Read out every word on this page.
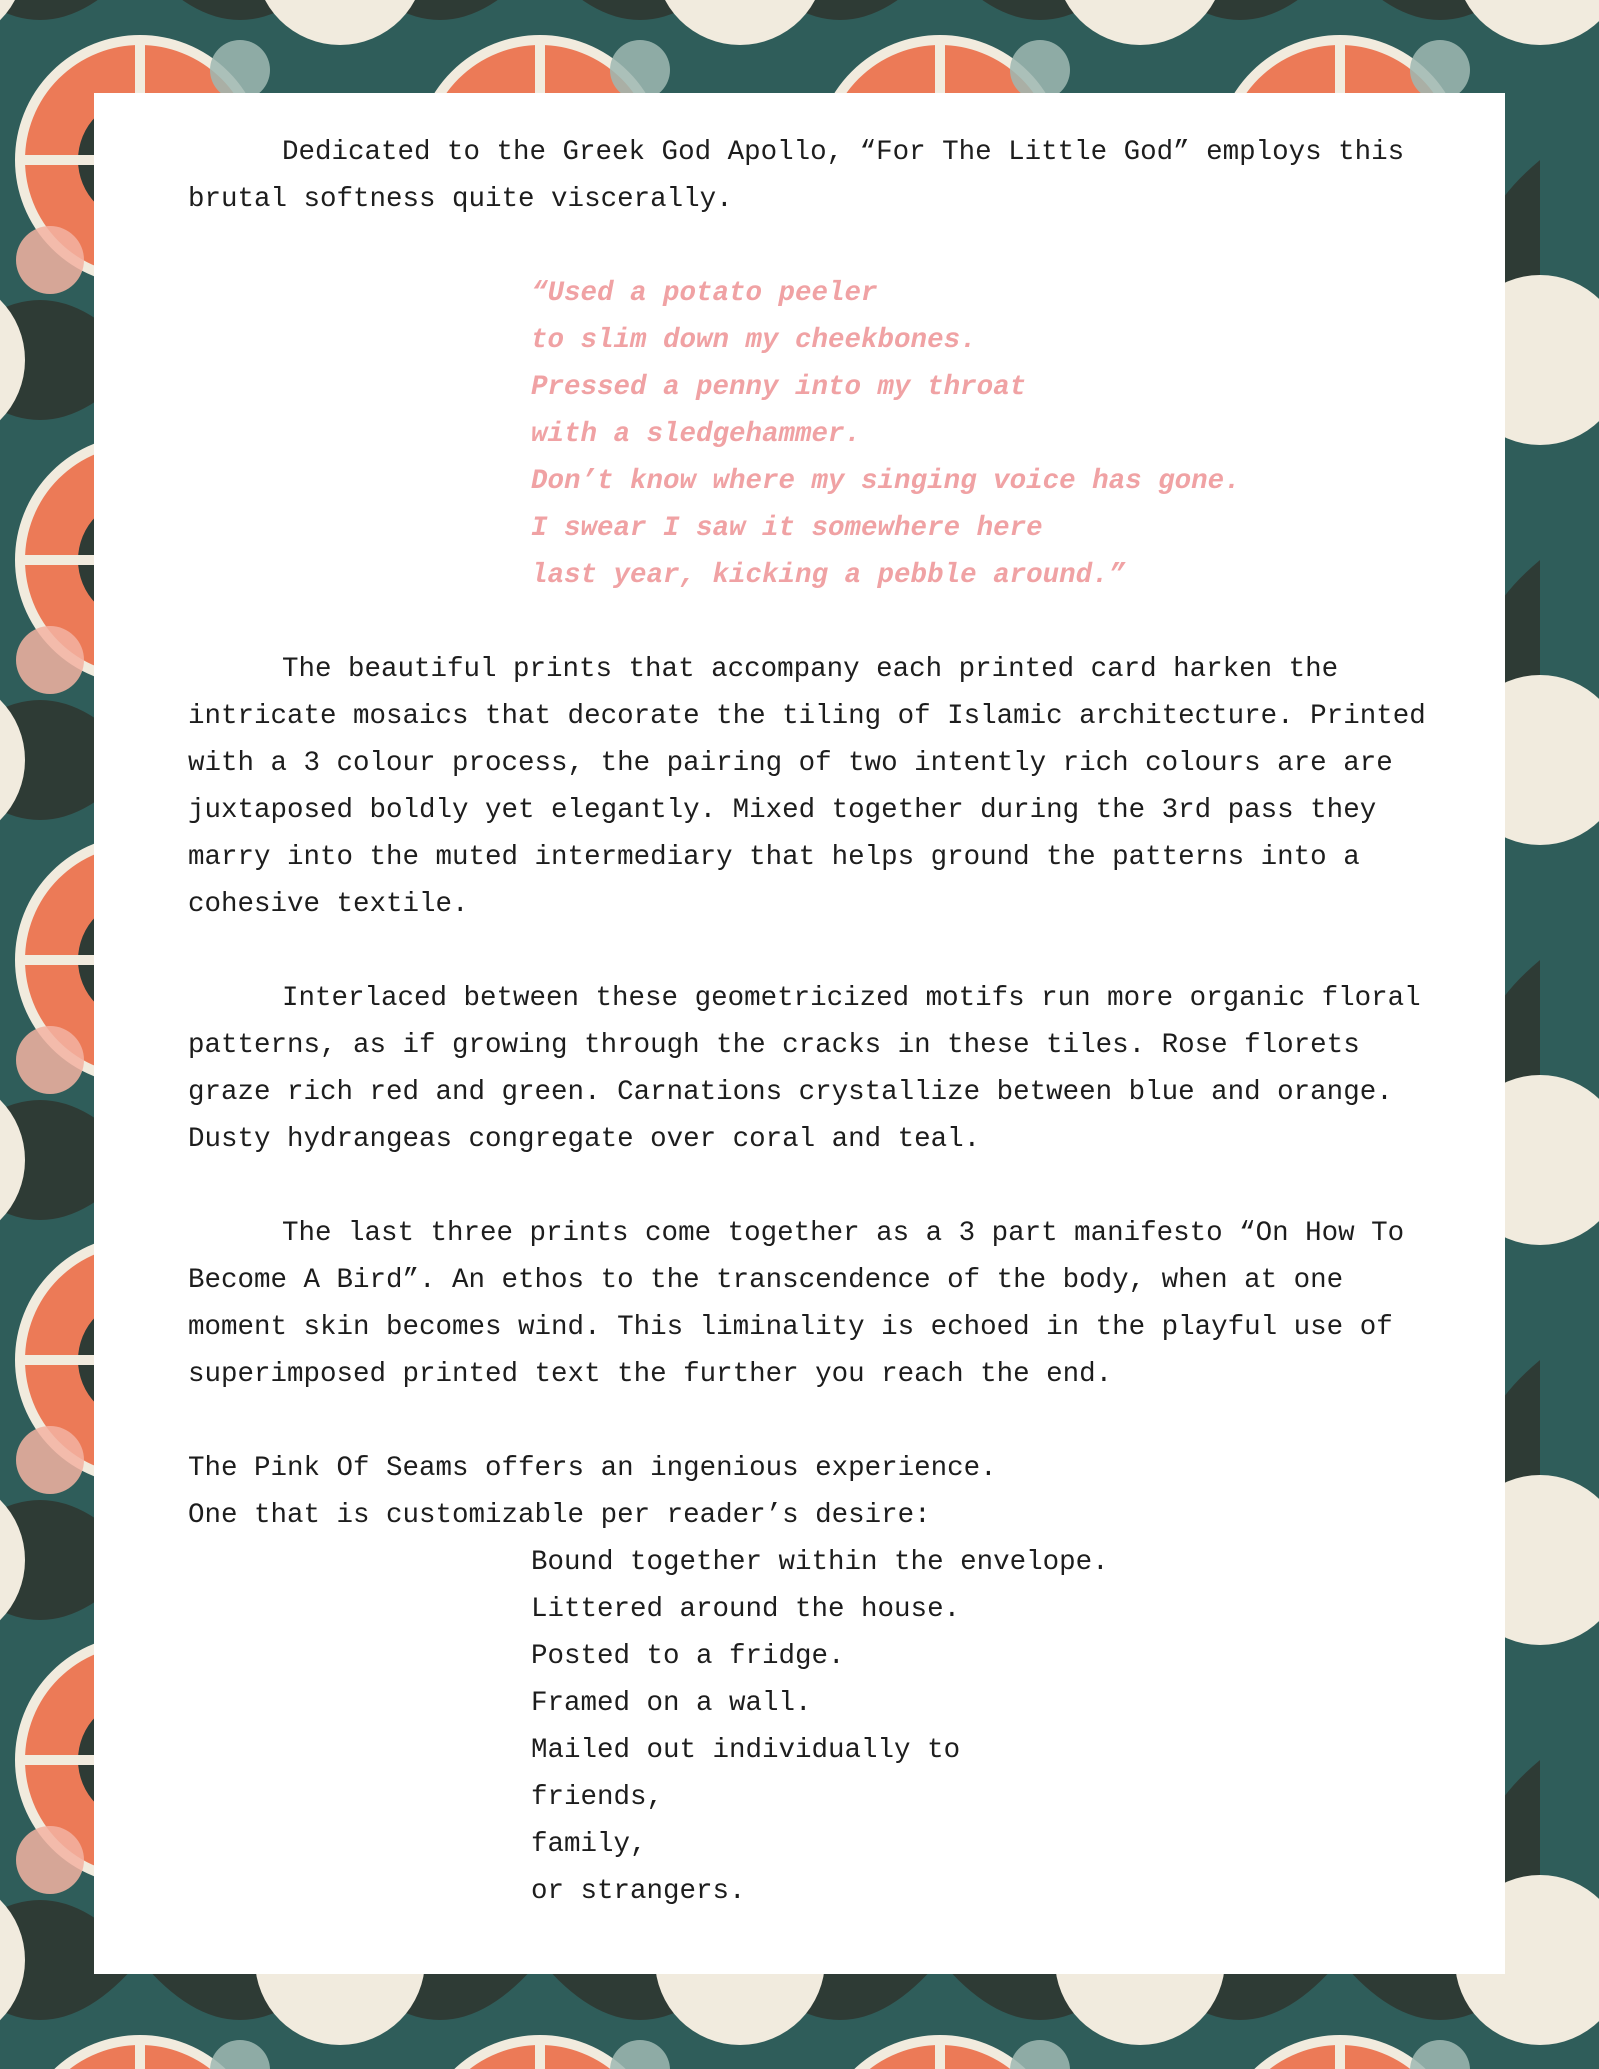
Dedicated to the Greek God Apollo, “For The Little God” employs this brutal softness quite viscerally.

“Used a potato peeler
to slim down my cheekbones.
Pressed a penny into my throat
with a sledgehammer.
Don’t know where my singing voice has gone.
I swear I saw it somewhere here
last year, kicking a pebble around.”

The beautiful prints that accompany each printed card harken the intricate mosaics that decorate the tiling of Islamic architecture. Printed with a 3 colour process, the pairing of two intently rich colours are are juxtaposed boldly yet elegantly. Mixed together during the 3rd pass they marry into the muted intermediary that helps ground the patterns into a cohesive textile.

Interlaced between these geometricized motifs run more organic floral patterns, as if growing through the cracks in these tiles. Rose florets graze rich red and green. Carnations crystallize between blue and orange. Dusty hydrangeas congregate over coral and teal.

The last three prints come together as a 3 part manifesto “On How To Become A Bird”. An ethos to the transcendence of the body, when at one moment skin becomes wind. This liminality is echoed in the playful use of superimposed printed text the further you reach the end.

The Pink Of Seams offers an ingenious experience.

One that is customizable per reader’s desire:

Bound together within the envelope.
Littered around the house.
Posted to a fridge.
Framed on a wall.
Mailed out individually to
friends,
family,
or strangers.
